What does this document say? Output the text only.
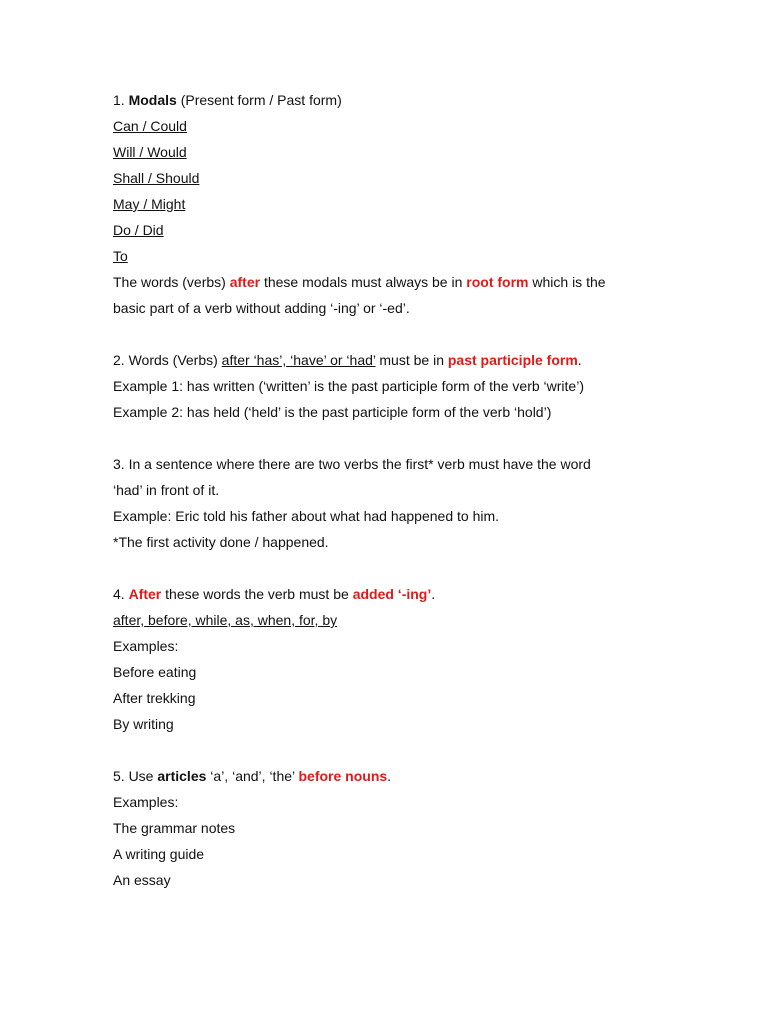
1. Modals (Present form / Past form)
Can / Could
Will / Would
Shall / Should
May / Might
Do / Did
To
The words (verbs) after these modals must always be in root form which is the
basic part of a verb without adding ‘-ing’ or ‘-ed’.
2. Words (Verbs) after ‘has’, ‘have’ or ‘had’ must be in past participle form.
Example 1: has written (‘written’ is the past participle form of the verb ‘write’)
Example 2: has held (‘held’ is the past participle form of the verb ‘hold’)
3. In a sentence where there are two verbs the first* verb must have the word
‘had’ in front of it.
Example: Eric told his father about what had happened to him.
*The first activity done / happened.
4. After these words the verb must be added ‘-ing’.
after, before, while, as, when, for, by
Examples:
Before eating
After trekking
By writing
5. Use articles ‘a’, ‘and’, ‘the’ before nouns.
Examples:
The grammar notes
A writing guide
An essay
